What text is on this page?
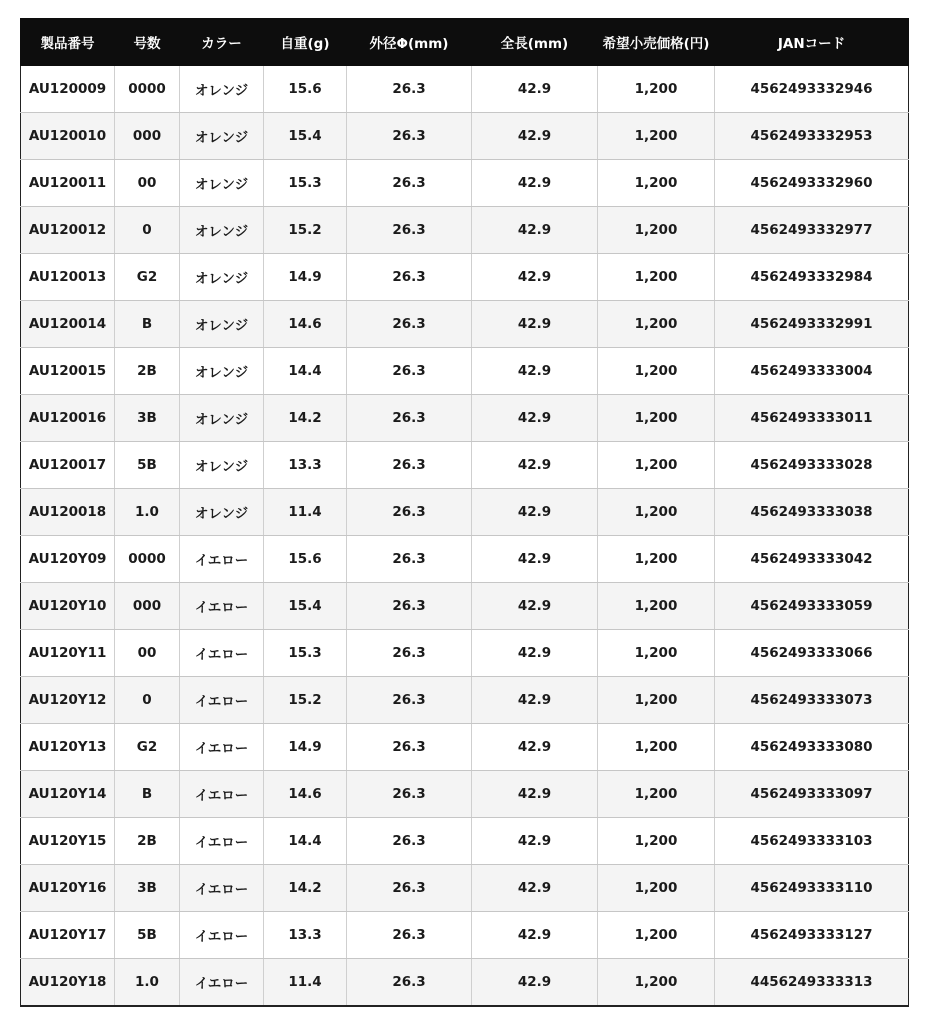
製品番号	号数	カラー	自重(g)	外径Φ(mm)	全長(mm)	希望小売価格(円)	JANコード
AU120009	0000	オレンジ	15.6	26.3	42.9	1,200	4562493332946
AU120010	000	オレンジ	15.4	26.3	42.9	1,200	4562493332953
AU120011	00	オレンジ	15.3	26.3	42.9	1,200	4562493332960
AU120012	0	オレンジ	15.2	26.3	42.9	1,200	4562493332977
AU120013	G2	オレンジ	14.9	26.3	42.9	1,200	4562493332984
AU120014	B	オレンジ	14.6	26.3	42.9	1,200	4562493332991
AU120015	2B	オレンジ	14.4	26.3	42.9	1,200	4562493333004
AU120016	3B	オレンジ	14.2	26.3	42.9	1,200	4562493333011
AU120017	5B	オレンジ	13.3	26.3	42.9	1,200	4562493333028
AU120018	1.0	オレンジ	11.4	26.3	42.9	1,200	4562493333038
AU120Y09	0000	イエロー	15.6	26.3	42.9	1,200	4562493333042
AU120Y10	000	イエロー	15.4	26.3	42.9	1,200	4562493333059
AU120Y11	00	イエロー	15.3	26.3	42.9	1,200	4562493333066
AU120Y12	0	イエロー	15.2	26.3	42.9	1,200	4562493333073
AU120Y13	G2	イエロー	14.9	26.3	42.9	1,200	4562493333080
AU120Y14	B	イエロー	14.6	26.3	42.9	1,200	4562493333097
AU120Y15	2B	イエロー	14.4	26.3	42.9	1,200	4562493333103
AU120Y16	3B	イエロー	14.2	26.3	42.9	1,200	4562493333110
AU120Y17	5B	イエロー	13.3	26.3	42.9	1,200	4562493333127
AU120Y18	1.0	イエロー	11.4	26.3	42.9	1,200	4456249333313
